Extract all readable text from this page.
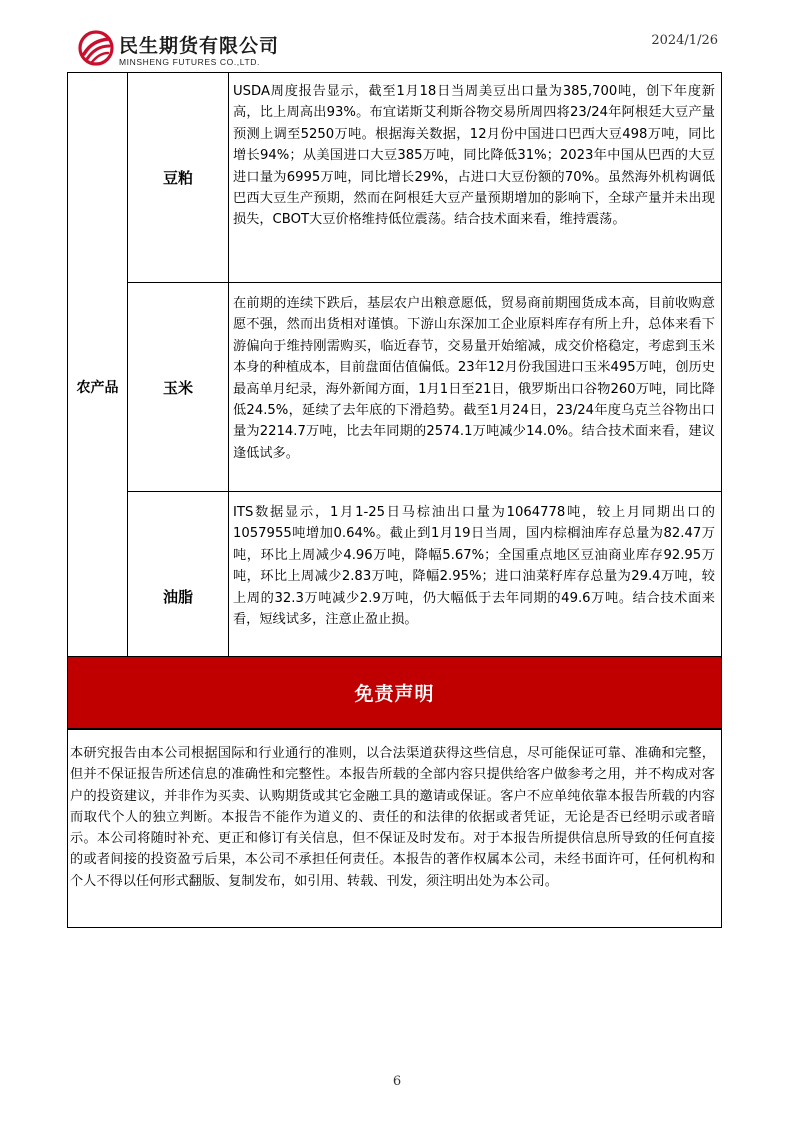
民生期货有限公司
MINSHENG FUTURES CO.,LTD.
2024/1/26
农产品	豆粕	USDA周度报告显示，截至1月18日当周美豆出口量为385,700吨，创下年度新高，比上周高出93%。布宜诺斯艾利斯谷物交易所周四将23/24年阿根廷大豆产量预测上调至5250万吨。根据海关数据，12月份中国进口巴西大豆498万吨，同比增长94%；从美国进口大豆385万吨，同比降低31%；2023年中国从巴西的大豆进口量为6995万吨，同比增长29%，占进口大豆份额的70%。虽然海外机构调低巴西大豆生产预期，然而在阿根廷大豆产量预期增加的影响下，全球产量并未出现损失，CBOT大豆价格维持低位震荡。结合技术面来看，维持震荡。
	玉米	在前期的连续下跌后，基层农户出粮意愿低，贸易商前期囤货成本高，目前收购意愿不强，然而出货相对谨慎。下游山东深加工企业原料库存有所上升，总体来看下游偏向于维持刚需购买，临近春节，交易量开始缩减，成交价格稳定，考虑到玉米本身的种植成本，目前盘面估值偏低。23年12月份我国进口玉米495万吨，创历史最高单月纪录，海外新闻方面，1月1日至21日，俄罗斯出口谷物260万吨，同比降低24.5%，延续了去年底的下滑趋势。截至1月24日，23/24年度乌克兰谷物出口量为2214.7万吨，比去年同期的2574.1万吨减少14.0%。结合技术面来看，建议逢低试多。
	油脂	ITS数据显示，1月1-25日马棕油出口量为1064778吨，较上月同期出口的1057955吨增加0.64%。截止到1月19日当周，国内棕榈油库存总量为82.47万吨，环比上周减少4.96万吨，降幅5.67%；全国重点地区豆油商业库存92.95万吨，环比上周减少2.83万吨，降幅2.95%；进口油菜籽库存总量为29.4万吨，较上周的32.3万吨减少2.9万吨，仍大幅低于去年同期的49.6万吨。结合技术面来看，短线试多，注意止盈止损。
免责声明
本研究报告由本公司根据国际和行业通行的准则，以合法渠道获得这些信息，尽可能保证可靠、准确和完整，但并不保证报告所述信息的准确性和完整性。本报告所载的全部内容只提供给客户做参考之用，并不构成对客户的投资建议，并非作为买卖、认购期货或其它金融工具的邀请或保证。客户不应单纯依靠本报告所载的内容而取代个人的独立判断。本报告不能作为道义的、责任的和法律的依据或者凭证，无论是否已经明示或者暗示。本公司将随时补充、更正和修订有关信息，但不保证及时发布。对于本报告所提供信息所导致的任何直接的或者间接的投资盈亏后果，本公司不承担任何责任。本报告的著作权属本公司，未经书面许可，任何机构和个人不得以任何形式翻版、复制发布，如引用、转载、刊发，须注明出处为本公司。
6
